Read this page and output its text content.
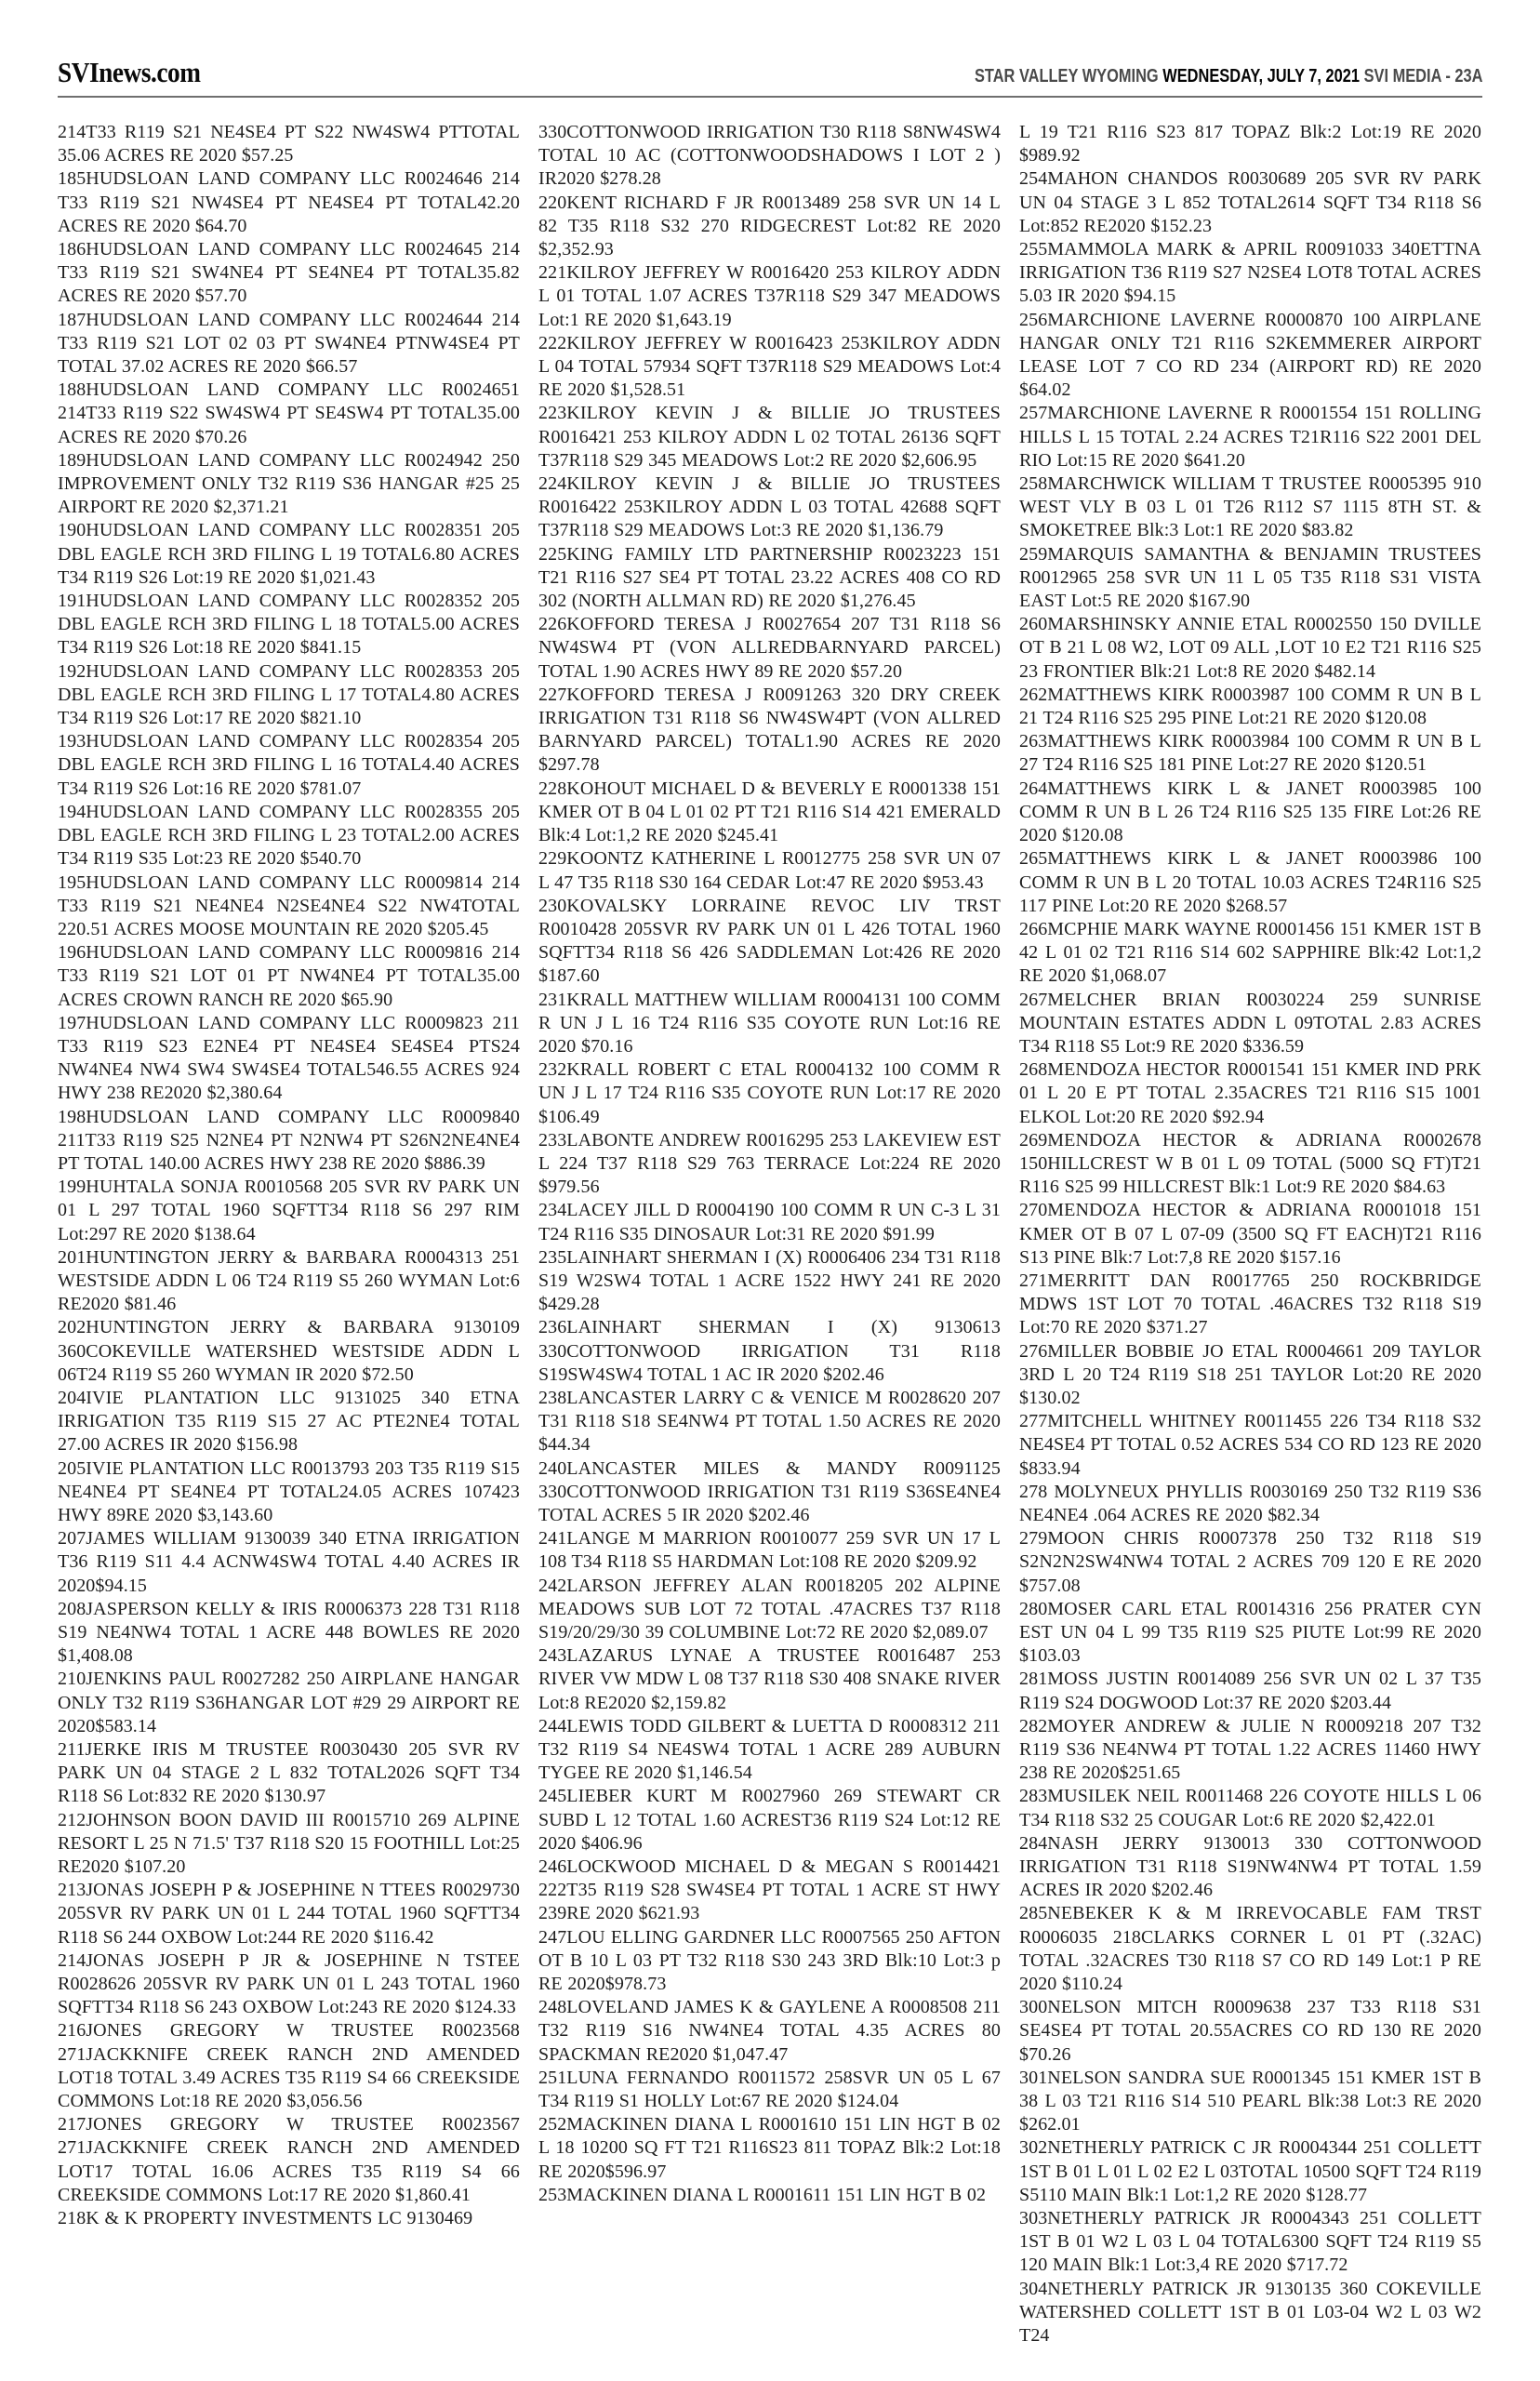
SVInews.com	STAR VALLEY WYOMING WEDNESDAY, JULY 7, 2021 SVI MEDIA - 23A

214T33 R119 S21 NE4SE4 PT S22 NW4SW4 PTTOTAL 35.06 ACRES RE 2020 $57.25

185HUDSLOAN LAND COMPANY LLC R0024646 214 T33 R119 S21 NW4SE4 PT NE4SE4 PT TOTAL42.20 ACRES RE 2020 $64.70

186HUDSLOAN LAND COMPANY LLC R0024645 214 T33 R119 S21 SW4NE4 PT SE4NE4 PT TOTAL35.82 ACRES RE 2020 $57.70

187HUDSLOAN LAND COMPANY LLC R0024644 214 T33 R119 S21 LOT 02 03 PT SW4NE4 PTNW4SE4 PT TOTAL 37.02 ACRES RE 2020 $66.57

188HUDSLOAN LAND COMPANY LLC R0024651 214T33 R119 S22 SW4SW4 PT SE4SW4 PT TOTAL35.00 ACRES RE 2020 $70.26

189HUDSLOAN LAND COMPANY LLC R0024942 250 IMPROVEMENT ONLY T32 R119 S36 HANGAR #25 25 AIRPORT RE 2020 $2,371.21

190HUDSLOAN LAND COMPANY LLC R0028351 205 DBL EAGLE RCH 3RD FILING L 19 TOTAL6.80 ACRES T34 R119 S26 Lot:19 RE 2020 $1,021.43

191HUDSLOAN LAND COMPANY LLC R0028352 205 DBL EAGLE RCH 3RD FILING L 18 TOTAL5.00 ACRES T34 R119 S26 Lot:18 RE 2020 $841.15

192HUDSLOAN LAND COMPANY LLC R0028353 205 DBL EAGLE RCH 3RD FILING L 17 TOTAL4.80 ACRES T34 R119 S26 Lot:17 RE 2020 $821.10

193HUDSLOAN LAND COMPANY LLC R0028354 205 DBL EAGLE RCH 3RD FILING L 16 TOTAL4.40 ACRES T34 R119 S26 Lot:16 RE 2020 $781.07

194HUDSLOAN LAND COMPANY LLC R0028355 205 DBL EAGLE RCH 3RD FILING L 23 TOTAL2.00 ACRES T34 R119 S35 Lot:23 RE 2020 $540.70

195HUDSLOAN LAND COMPANY LLC R0009814 214 T33 R119 S21 NE4NE4 N2SE4NE4 S22 NW4TOTAL 220.51 ACRES MOOSE MOUNTAIN RE 2020 $205.45

196HUDSLOAN LAND COMPANY LLC R0009816 214 T33 R119 S21 LOT 01 PT NW4NE4 PT TOTAL35.00 ACRES CROWN RANCH RE 2020 $65.90

197HUDSLOAN LAND COMPANY LLC R0009823 211 T33 R119 S23 E2NE4 PT NE4SE4 SE4SE4 PTS24 NW4NE4 NW4 SW4 SW4SE4 TOTAL546.55 ACRES 924 HWY 238 RE2020 $2,380.64

198HUDSLOAN LAND COMPANY LLC R0009840 211T33 R119 S25 N2NE4 PT N2NW4 PT S26N2NE4NE4 PT TOTAL 140.00 ACRES HWY 238 RE 2020 $886.39

199HUHTALA SONJA R0010568 205 SVR RV PARK UN 01 L 297 TOTAL 1960 SQFTT34 R118 S6 297 RIM Lot:297 RE 2020 $138.64

201HUNTINGTON JERRY & BARBARA R0004313 251 WESTSIDE ADDN L 06 T24 R119 S5 260 WYMAN Lot:6 RE2020 $81.46

202HUNTINGTON JERRY & BARBARA 9130109 360COKEVILLE WATERSHED WESTSIDE ADDN L 06T24 R119 S5 260 WYMAN IR 2020 $72.50

204IVIE PLANTATION LLC 9131025 340 ETNA IRRIGATION T35 R119 S15 27 AC PTE2NE4 TOTAL 27.00 ACRES IR 2020 $156.98

205IVIE PLANTATION LLC R0013793 203 T35 R119 S15 NE4NE4 PT SE4NE4 PT TOTAL24.05 ACRES 107423 HWY 89RE 2020 $3,143.60

207JAMES WILLIAM 9130039 340 ETNA IRRIGATION T36 R119 S11 4.4 ACNW4SW4 TOTAL 4.40 ACRES IR 2020$94.15

208JASPERSON KELLY & IRIS R0006373 228 T31 R118 S19 NE4NW4 TOTAL 1 ACRE 448 BOWLES RE 2020 $1,408.08

210JENKINS PAUL R0027282 250 AIRPLANE HANGAR ONLY T32 R119 S36HANGAR LOT #29 29 AIRPORT RE 2020$583.14

211JERKE IRIS M TRUSTEE R0030430 205 SVR RV PARK UN 04 STAGE 2 L 832 TOTAL2026 SQFT T34 R118 S6 Lot:832 RE 2020 $130.97

212JOHNSON BOON DAVID III R0015710 269 ALPINE RESORT L 25 N 71.5' T37 R118 S20 15 FOOTHILL Lot:25 RE2020 $107.20

213JONAS JOSEPH P & JOSEPHINE N TTEES R0029730 205SVR RV PARK UN 01 L 244 TOTAL 1960 SQFTT34 R118 S6 244 OXBOW Lot:244 RE 2020 $116.42

214JONAS JOSEPH P JR & JOSEPHINE N TSTEE R0028626 205SVR RV PARK UN 01 L 243 TOTAL 1960 SQFTT34 R118 S6 243 OXBOW Lot:243 RE 2020 $124.33

216JONES GREGORY W TRUSTEE R0023568 271JACKKNIFE CREEK RANCH 2ND AMENDED LOT18 TOTAL 3.49 ACRES T35 R119 S4 66 CREEKSIDE COMMONS Lot:18 RE 2020 $3,056.56

217JONES GREGORY W TRUSTEE R0023567 271JACKKNIFE CREEK RANCH 2ND AMENDED LOT17 TOTAL 16.06 ACRES T35 R119 S4 66 CREEKSIDE COMMONS Lot:17 RE 2020 $1,860.41

218K & K PROPERTY INVESTMENTS LC 9130469

330COTTONWOOD IRRIGATION T30 R118 S8NW4SW4 TOTAL 10 AC (COTTONWOODSHADOWS I LOT 2 ) IR2020 $278.28

220KENT RICHARD F JR R0013489 258 SVR UN 14 L 82 T35 R118 S32 270 RIDGECREST Lot:82 RE 2020 $2,352.93

221KILROY JEFFREY W R0016420 253 KILROY ADDN L 01 TOTAL 1.07 ACRES T37R118 S29 347 MEADOWS Lot:1 RE 2020 $1,643.19

222KILROY JEFFREY W R0016423 253KILROY ADDN L 04 TOTAL 57934 SQFT T37R118 S29 MEADOWS Lot:4 RE 2020 $1,528.51

223KILROY KEVIN J & BILLIE JO TRUSTEES R0016421 253 KILROY ADDN L 02 TOTAL 26136 SQFT T37R118 S29 345 MEADOWS Lot:2 RE 2020 $2,606.95

224KILROY KEVIN J & BILLIE JO TRUSTEES R0016422 253KILROY ADDN L 03 TOTAL 42688 SQFT T37R118 S29 MEADOWS Lot:3 RE 2020 $1,136.79

225KING FAMILY LTD PARTNERSHIP R0023223 151 T21 R116 S27 SE4 PT TOTAL 23.22 ACRES 408 CO RD 302 (NORTH ALLMAN RD) RE 2020 $1,276.45

226KOFFORD TERESA J R0027654 207 T31 R118 S6 NW4SW4 PT (VON ALLREDBARNYARD PARCEL) TOTAL 1.90 ACRES HWY 89 RE 2020 $57.20

227KOFFORD TERESA J R0091263 320 DRY CREEK IRRIGATION T31 R118 S6 NW4SW4PT (VON ALLRED BARNYARD PARCEL) TOTAL1.90 ACRES RE 2020 $297.78

228KOHOUT MICHAEL D & BEVERLY E R0001338 151 KMER OT B 04 L 01 02 PT T21 R116 S14 421 EMERALD Blk:4 Lot:1,2 RE 2020 $245.41

229KOONTZ KATHERINE L R0012775 258 SVR UN 07 L 47 T35 R118 S30 164 CEDAR Lot:47 RE 2020 $953.43

230KOVALSKY LORRAINE REVOC LIV TRST R0010428 205SVR RV PARK UN 01 L 426 TOTAL 1960 SQFTT34 R118 S6 426 SADDLEMAN Lot:426 RE 2020 $187.60

231KRALL MATTHEW WILLIAM R0004131 100 COMM R UN J L 16 T24 R116 S35 COYOTE RUN Lot:16 RE 2020 $70.16

232KRALL ROBERT C ETAL R0004132 100 COMM R UN J L 17 T24 R116 S35 COYOTE RUN Lot:17 RE 2020 $106.49

233LABONTE ANDREW R0016295 253 LAKEVIEW EST L 224 T37 R118 S29 763 TERRACE Lot:224 RE 2020 $979.56

234LACEY JILL D R0004190 100 COMM R UN C-3 L 31 T24 R116 S35 DINOSAUR Lot:31 RE 2020 $91.99

235LAINHART SHERMAN I (X) R0006406 234 T31 R118 S19 W2SW4 TOTAL 1 ACRE 1522 HWY 241 RE 2020 $429.28

236LAINHART SHERMAN I (X) 9130613 330COTTONWOOD IRRIGATION T31 R118 S19SW4SW4 TOTAL 1 AC IR 2020 $202.46

238LANCASTER LARRY C & VENICE M R0028620 207 T31 R118 S18 SE4NW4 PT TOTAL 1.50 ACRES RE 2020 $44.34

240LANCASTER MILES & MANDY R0091125 330COTTONWOOD IRRIGATION T31 R119 S36SE4NE4 TOTAL ACRES 5 IR 2020 $202.46

241LANGE M MARRION R0010077 259 SVR UN 17 L 108 T34 R118 S5 HARDMAN Lot:108 RE 2020 $209.92

242LARSON JEFFREY ALAN R0018205 202 ALPINE MEADOWS SUB LOT 72 TOTAL .47ACRES T37 R118 S19/20/29/30 39 COLUMBINE Lot:72 RE 2020 $2,089.07

243LAZARUS LYNAE A TRUSTEE R0016487 253 RIVER VW MDW L 08 T37 R118 S30 408 SNAKE RIVER Lot:8 RE2020 $2,159.82

244LEWIS TODD GILBERT & LUETTA D R0008312 211 T32 R119 S4 NE4SW4 TOTAL 1 ACRE 289 AUBURN TYGEE RE 2020 $1,146.54

245LIEBER KURT M R0027960 269 STEWART CR SUBD L 12 TOTAL 1.60 ACREST36 R119 S24 Lot:12 RE 2020 $406.96

246LOCKWOOD MICHAEL D & MEGAN S R0014421 222T35 R119 S28 SW4SE4 PT TOTAL 1 ACRE ST HWY 239RE 2020 $621.93

247LOU ELLING GARDNER LLC R0007565 250 AFTON OT B 10 L 03 PT T32 R118 S30 243 3RD Blk:10 Lot:3 p RE 2020$978.73

248LOVELAND JAMES K & GAYLENE A R0008508 211 T32 R119 S16 NW4NE4 TOTAL 4.35 ACRES 80 SPACKMAN RE2020 $1,047.47

251LUNA FERNANDO R0011572 258SVR UN 05 L 67 T34 R119 S1 HOLLY Lot:67 RE 2020 $124.04

252MACKINEN DIANA L R0001610 151 LIN HGT B 02 L 18 10200 SQ FT T21 R116S23 811 TOPAZ Blk:2 Lot:18 RE 2020$596.97

253MACKINEN DIANA L R0001611 151 LIN HGT B 02

L 19 T21 R116 S23 817 TOPAZ Blk:2 Lot:19 RE 2020 $989.92

254MAHON CHANDOS R0030689 205 SVR RV PARK UN 04 STAGE 3 L 852 TOTAL2614 SQFT T34 R118 S6 Lot:852 RE2020 $152.23

255MAMMOLA MARK & APRIL R0091033 340ETTNA IRRIGATION T36 R119 S27 N2SE4 LOT8 TOTAL ACRES 5.03 IR 2020 $94.15

256MARCHIONE LAVERNE R0000870 100 AIRPLANE HANGAR ONLY T21 R116 S2KEMMERER AIRPORT LEASE LOT 7 CO RD 234 (AIRPORT RD) RE 2020 $64.02

257MARCHIONE LAVERNE R R0001554 151 ROLLING HILLS L 15 TOTAL 2.24 ACRES T21R116 S22 2001 DEL RIO Lot:15 RE 2020 $641.20

258MARCHWICK WILLIAM T TRUSTEE R0005395 910 WEST VLY B 03 L 01 T26 R112 S7 1115 8TH ST. & SMOKETREE Blk:3 Lot:1 RE 2020 $83.82

259MARQUIS SAMANTHA & BENJAMIN TRUSTEES R0012965 258 SVR UN 11 L 05 T35 R118 S31 VISTA EAST Lot:5 RE 2020 $167.90

260MARSHINSKY ANNIE ETAL R0002550 150 DVILLE OT B 21 L 08 W2, LOT 09 ALL ,LOT 10 E2 T21 R116 S25 23 FRONTIER Blk:21 Lot:8 RE 2020 $482.14

262MATTHEWS KIRK R0003987 100 COMM R UN B L 21 T24 R116 S25 295 PINE Lot:21 RE 2020 $120.08

263MATTHEWS KIRK R0003984 100 COMM R UN B L 27 T24 R116 S25 181 PINE Lot:27 RE 2020 $120.51

264MATTHEWS KIRK L & JANET R0003985 100 COMM R UN B L 26 T24 R116 S25 135 FIRE Lot:26 RE 2020 $120.08

265MATTHEWS KIRK L & JANET R0003986 100 COMM R UN B L 20 TOTAL 10.03 ACRES T24R116 S25 117 PINE Lot:20 RE 2020 $268.57

266MCPHIE MARK WAYNE R0001456 151 KMER 1ST B 42 L 01 02 T21 R116 S14 602 SAPPHIRE Blk:42 Lot:1,2 RE 2020 $1,068.07

267MELCHER BRIAN R0030224 259 SUNRISE MOUNTAIN ESTATES ADDN L 09TOTAL 2.83 ACRES T34 R118 S5 Lot:9 RE 2020 $336.59

268MENDOZA HECTOR R0001541 151 KMER IND PRK 01 L 20 E PT TOTAL 2.35ACRES T21 R116 S15 1001 ELKOL Lot:20 RE 2020 $92.94

269MENDOZA HECTOR & ADRIANA R0002678 150HILLCREST W B 01 L 09 TOTAL (5000 SQ FT)T21 R116 S25 99 HILLCREST Blk:1 Lot:9 RE 2020 $84.63

270MENDOZA HECTOR & ADRIANA R0001018 151 KMER OT B 07 L 07-09 (3500 SQ FT EACH)T21 R116 S13 PINE Blk:7 Lot:7,8 RE 2020 $157.16

271MERRITT DAN R0017765 250 ROCKBRIDGE MDWS 1ST LOT 70 TOTAL .46ACRES T32 R118 S19 Lot:70 RE 2020 $371.27

276MILLER BOBBIE JO ETAL R0004661 209 TAYLOR 3RD L 20 T24 R119 S18 251 TAYLOR Lot:20 RE 2020 $130.02

277MITCHELL WHITNEY R0011455 226 T34 R118 S32 NE4SE4 PT TOTAL 0.52 ACRES 534 CO RD 123 RE 2020 $833.94

278 MOLYNEUX PHYLLIS R0030169 250 T32 R119 S36 NE4NE4 .064 ACRES RE 2020 $82.34

279MOON CHRIS R0007378 250 T32 R118 S19 S2N2N2SW4NW4 TOTAL 2 ACRES 709 120 E RE 2020 $757.08

280MOSER CARL ETAL R0014316 256 PRATER CYN EST UN 04 L 99 T35 R119 S25 PIUTE Lot:99 RE 2020 $103.03

281MOSS JUSTIN R0014089 256 SVR UN 02 L 37 T35 R119 S24 DOGWOOD Lot:37 RE 2020 $203.44

282MOYER ANDREW & JULIE N R0009218 207 T32 R119 S36 NE4NW4 PT TOTAL 1.22 ACRES 11460 HWY 238 RE 2020$251.65

283MUSILEK NEIL R0011468 226 COYOTE HILLS L 06 T34 R118 S32 25 COUGAR Lot:6 RE 2020 $2,422.01

284NASH JERRY 9130013 330 COTTONWOOD IRRIGATION T31 R118 S19NW4NW4 PT TOTAL 1.59 ACRES IR 2020 $202.46

285NEBEKER K & M IRREVOCABLE FAM TRST R0006035 218CLARKS CORNER L 01 PT (.32AC) TOTAL .32ACRES T30 R118 S7 CO RD 149 Lot:1 P RE 2020 $110.24

300NELSON MITCH R0009638 237 T33 R118 S31 SE4SE4 PT TOTAL 20.55ACRES CO RD 130 RE 2020 $70.26

301NELSON SANDRA SUE R0001345 151 KMER 1ST B 38 L 03 T21 R116 S14 510 PEARL Blk:38 Lot:3 RE 2020 $262.01

302NETHERLY PATRICK C JR R0004344 251 COLLETT 1ST B 01 L 01 L 02 E2 L 03TOTAL 10500 SQFT T24 R119 S5110 MAIN Blk:1 Lot:1,2 RE 2020 $128.77

303NETHERLY PATRICK JR R0004343 251 COLLETT 1ST B 01 W2 L 03 L 04 TOTAL6300 SQFT T24 R119 S5 120 MAIN Blk:1 Lot:3,4 RE 2020 $717.72

304NETHERLY PATRICK JR 9130135 360 COKEVILLE WATERSHED COLLETT 1ST B 01 L03-04 W2 L 03 W2 T24
